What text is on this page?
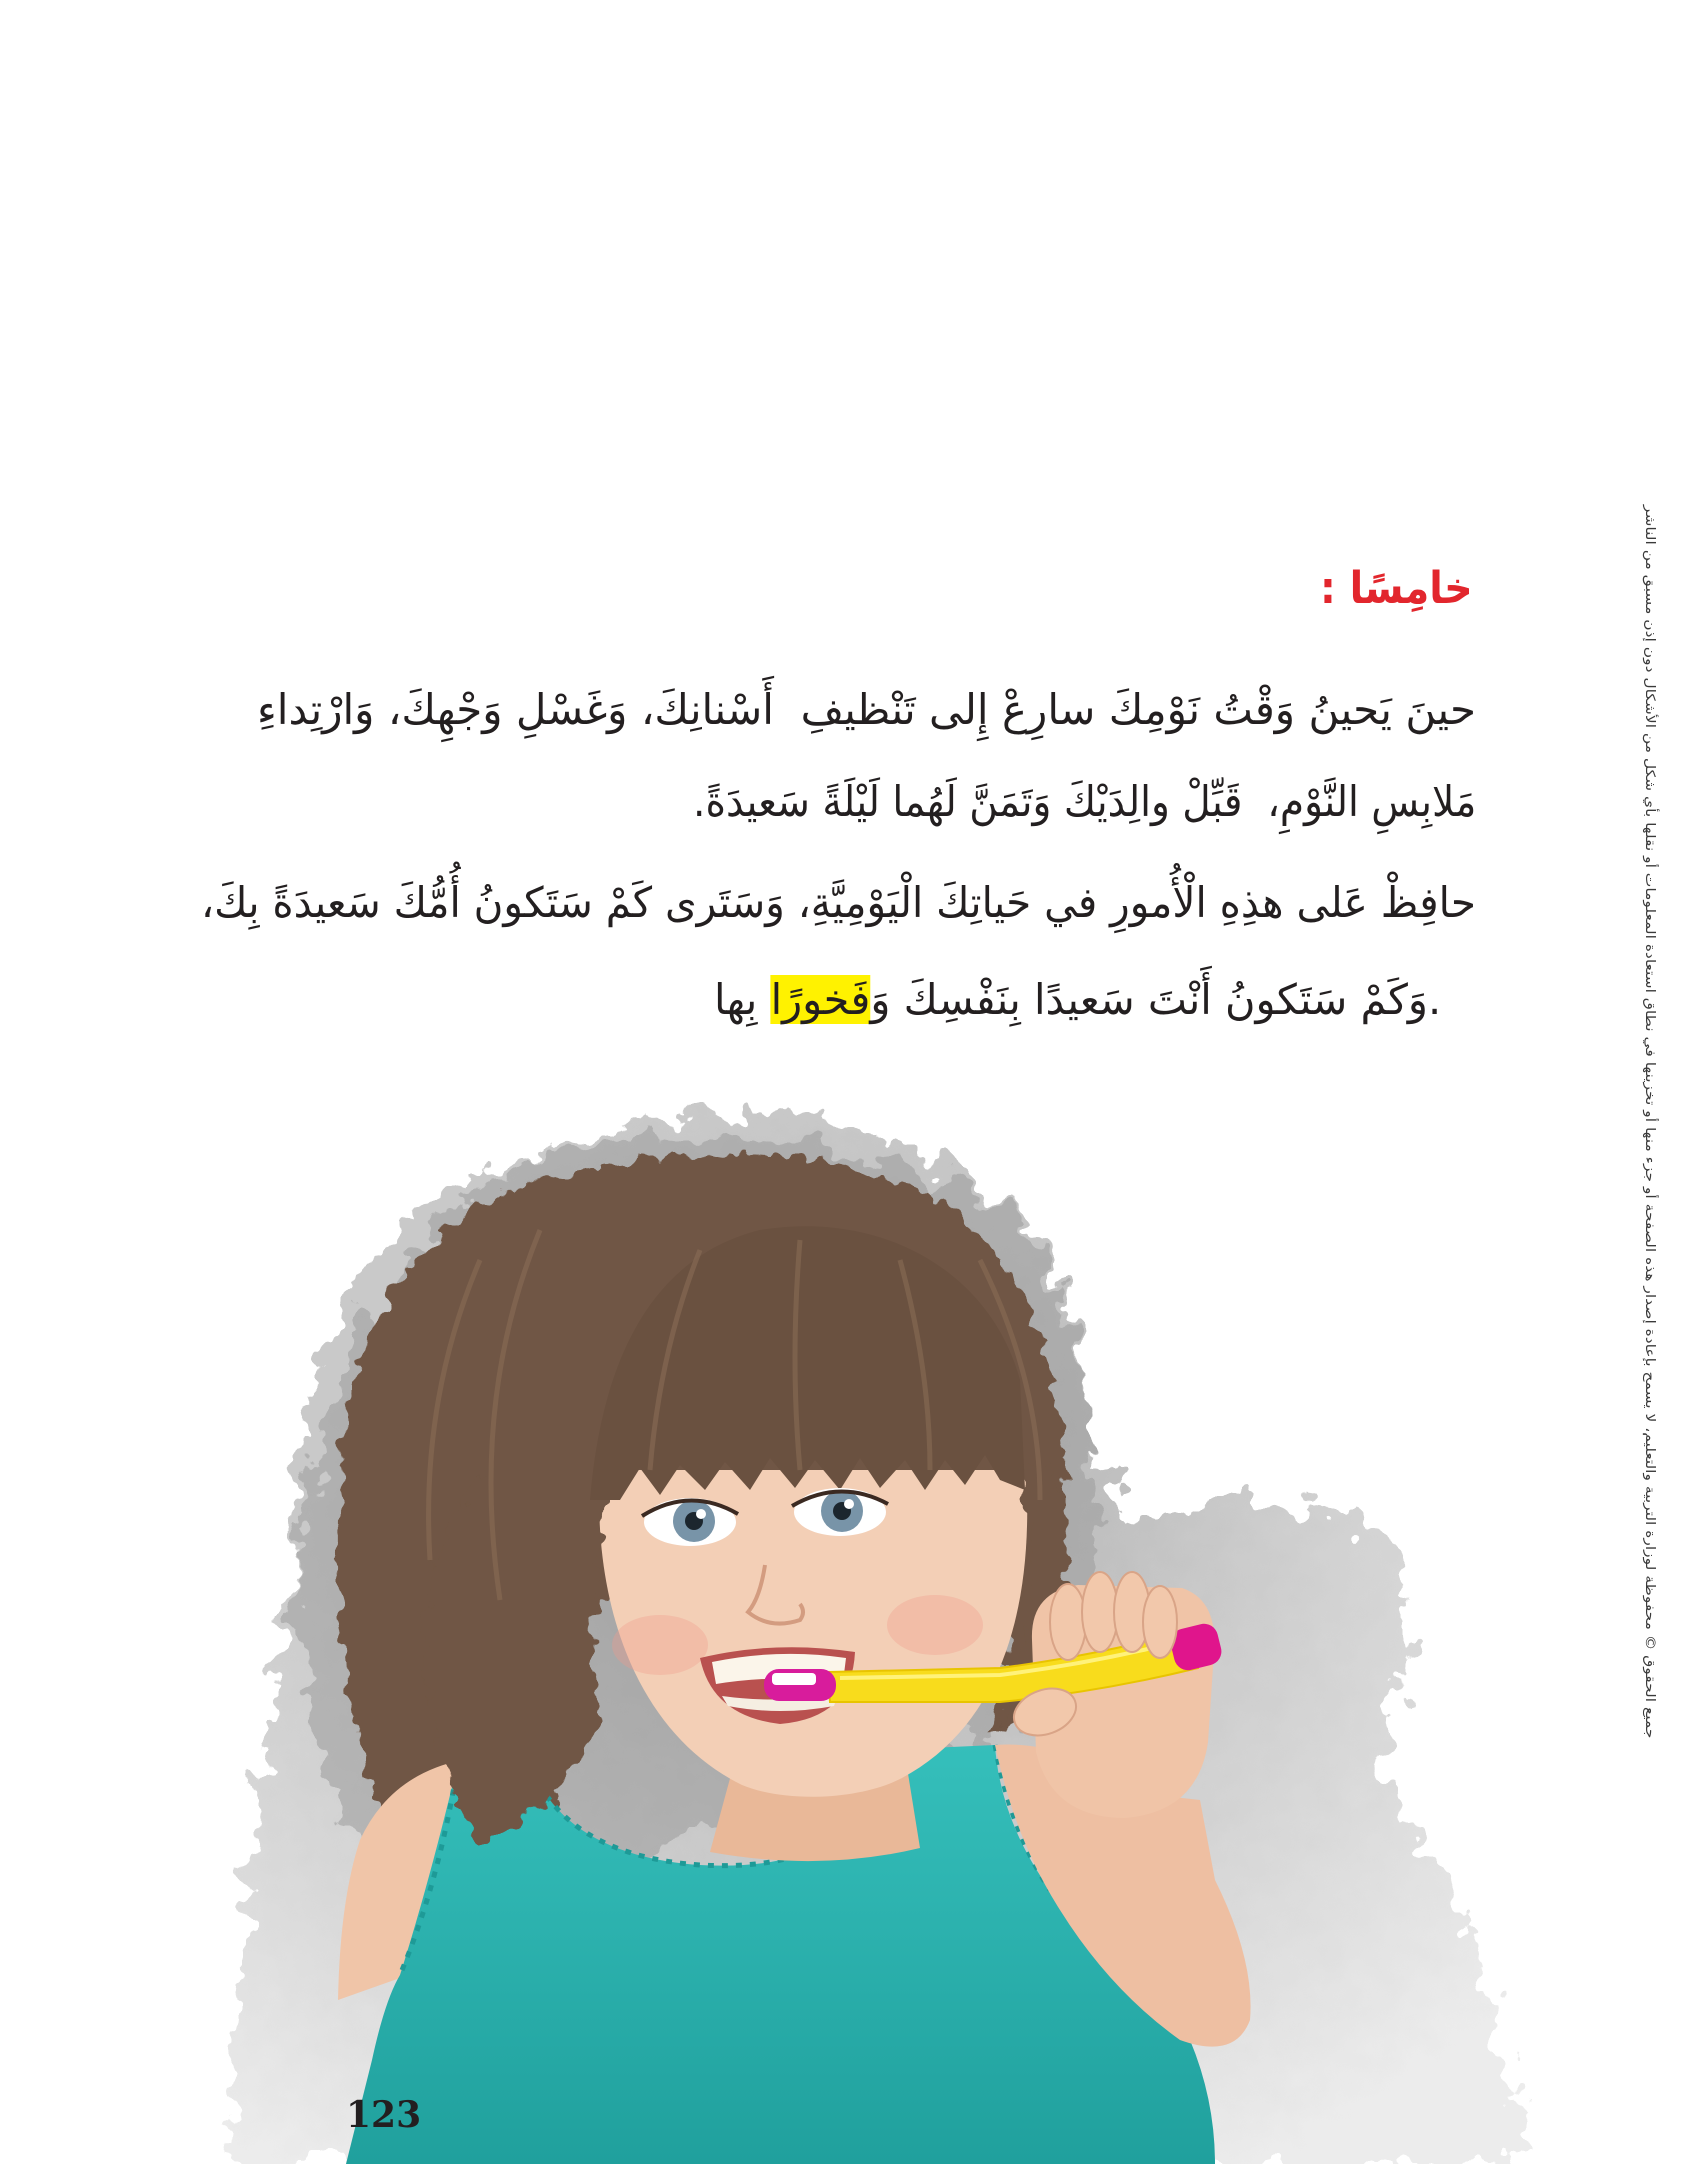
خامِسًا :

حينَ يَحينُ وَقْتُ نَوْمِكَ سارِعْ إِلى تَنْظيفِ  أَسْنانِكَ، وَغَسْلِ وَجْهِكَ، وَارْتِداءِ

مَلابِسِ النَّوْمِ،  قَبِّلْ والِدَيْكَ وَتَمَنَّ لَهُما لَيْلَةً سَعيدَةً.

حافِظْ عَلى هذِهِ الْأُمورِ في حَياتِكَ الْيَوْمِيَّةِ، وَسَتَرى كَمْ سَتَكونُ أُمُّكَ سَعيدَةً بِكَ،

.وَكَمْ سَتَكونُ أَنْتَ سَعيدًا بِنَفْسِكَ وَفَخورًا بِها	جميع الحقوق © محفوظة لوزارة التربية والتعليم، لا يسمح بإعادة إصدار هذه الصفحة أو جزء منها أو تخزينها في نطاق استعادة المعلومات أو نقلها بأي شكل من الأشكال دون إذن مسبق من الناشر
123
